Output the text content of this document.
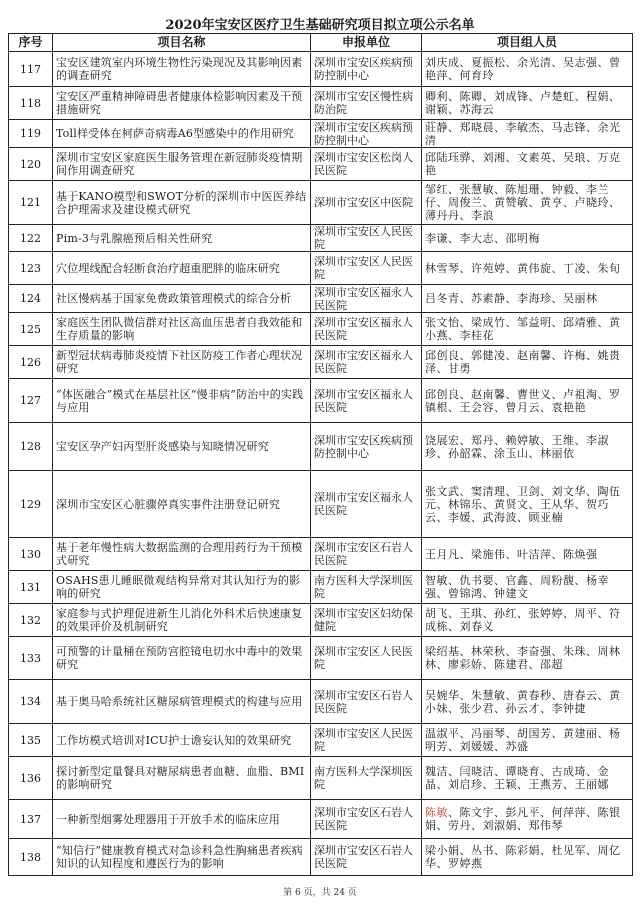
2020年宝安区医疗卫生基础研究项目拟立项公示名单
序号	项目名称	申报单位	项目组人员
117	宝安区建筑室内环境生物性污染现况及其影响因素的调查研究	深圳市宝安区疾病预防控制中心	刘庆成、夏振松、余光清、吴志强、曾艳萍、何育玲
118	宝安区严重精神障碍患者健康体检影响因素及干预措施研究	深圳市宝安区慢性病防治院	卿利、陈卿、刘成锋、卢楚虹、程娟、谢颖、苏海云
119	Toll样受体在柯萨奇病毒A6型感染中的作用研究	深圳市宝安区疾病预防控制中心	莊静、郑晓晨、李敏杰、马志锋、余光清
120	深圳市宝安区家庭医生服务管理在新冠肺炎疫情期间作用调查研究	深圳市宝安区松岗人民医院	邱陆珏骅、刘湘、文素英、吴琅、万克艳
121	基于KANO模型和SWOT分析的深圳市中医医养结合护理需求及建设模式研究	深圳市宝安区中医院	邹红、张慧敏、陈旭珊、钟毅、李兰仔、周俊兰、黄赞敏、黄亨、卢晓玲、薄丹丹、李浪
122	Pim-3与乳腺癌预后相关性研究	深圳市宝安区人民医院	李谦、李大志、邵明梅
123	穴位埋线配合轻断食治疗超重肥胖的临床研究	深圳市宝安区人民医院	林雪琴、许苑婷、黄伟旋、丁凌、朱旬
124	社区慢病基于国家免费政策管理模式的综合分析	深圳市宝安区福永人民医院	吕冬青、苏素静、李海珍、吴丽林
125	家庭医生团队微信群对社区高血压患者自我效能和生存质量的影响	深圳市宝安区福永人民医院	张文怡、梁成竹、邹益明、邱靖雅、黄小燕、李桂花
126	新型冠状病毒肺炎疫情下社区防疫工作者心理状况研究	深圳市宝安区福永人民医院	邱创良、郭健凌、赵南馨、许梅、姚贵泽、甘勇
127	“体医融合”模式在基层社区“慢非病”防治中的实践与应用	深圳市宝安区福永人民医院	邱创良、赵南馨、曹世义、卢祖淘、罗镇根、王会容、曾月云、袁艳艳
128	宝安区孕产妇丙型肝炎感染与知晓情况研究	深圳市宝安区疾病预防控制中心	饶展宏、郑丹、赖婷敏、王维、李淑珍、孙韶霖、涂玉山、林丽依
129	深圳市宝安区心脏骤停真实事件注册登记研究	深圳市宝安区福永人民医院	张文武、窦清理、卫剑、刘文华、陶伍元、林锦乐、黄贤文、王从华、贺巧云、李媛、武海波、顾亚楠
130	基于老年慢性病大数据监测的合理用药行为干预模式研究	深圳市宝安区石岩人民医院	王月凡、梁施伟、叶洁萍、陈焕强
131	OSAHS患儿睡眠微观结构异常对其认知行为的影响的研究	南方医科大学深圳医院	智敏、仇书要、官鑫、周粉馥、杨幸强、曾锦鸿、钟建文
132	家庭参与式护理促进新生儿消化外科术后快速康复的效果评价及机制研究	深圳市宝安区妇幼保健院	胡飞、王琪、孙红、张婷婷、周平、符成栋、刘春义
133	可预警的计量桶在预防宫腔镜电切水中毒中的效果研究	深圳市宝安区人民医院	梁绍基、林荣秋、李奋强、朱珠、周林林、廖彩娇、陈建君、邵超
134	基于奥马哈系统社区糖尿病管理模式的构建与应用	深圳市宝安区石岩人民医院	吴婉华、朱慧敏、黄春秒、唐春云、黄小妹、张少君、孙云才、李钟捷
135	工作坊模式培训对ICU护士谵妄认知的效果研究	深圳市宝安区人民医院	温淑平、冯丽琴、胡国芳、黄建丽、杨明芳、刘媛媛、苏盛
136	探讨新型定量餐具对糖尿病患者血糖、血脂、BMI的影响研究	南方医科大学深圳医院	魏洁、闫晓洁、谭晓育、古成琦、金晶、刘启珍、王颖、王燕芳、王丽娜
137	一种新型烟雾处理器用于开放手术的临床应用	深圳市宝安区石岩人民医院	陈敏、陈文宇、彭凡平、何萍萍、陈银娟、劳丹、刘淑娟、郑伟琴
138	“知信行”健康教育模式对急诊科急性胸痛患者疾病知识的认知程度和遵医行为的影响	深圳市宝安区石岩人民医院	梁小娟、丛书、陈彩娟、杜见军、周亿华、罗婷燕
第 6 页，共 24 页
